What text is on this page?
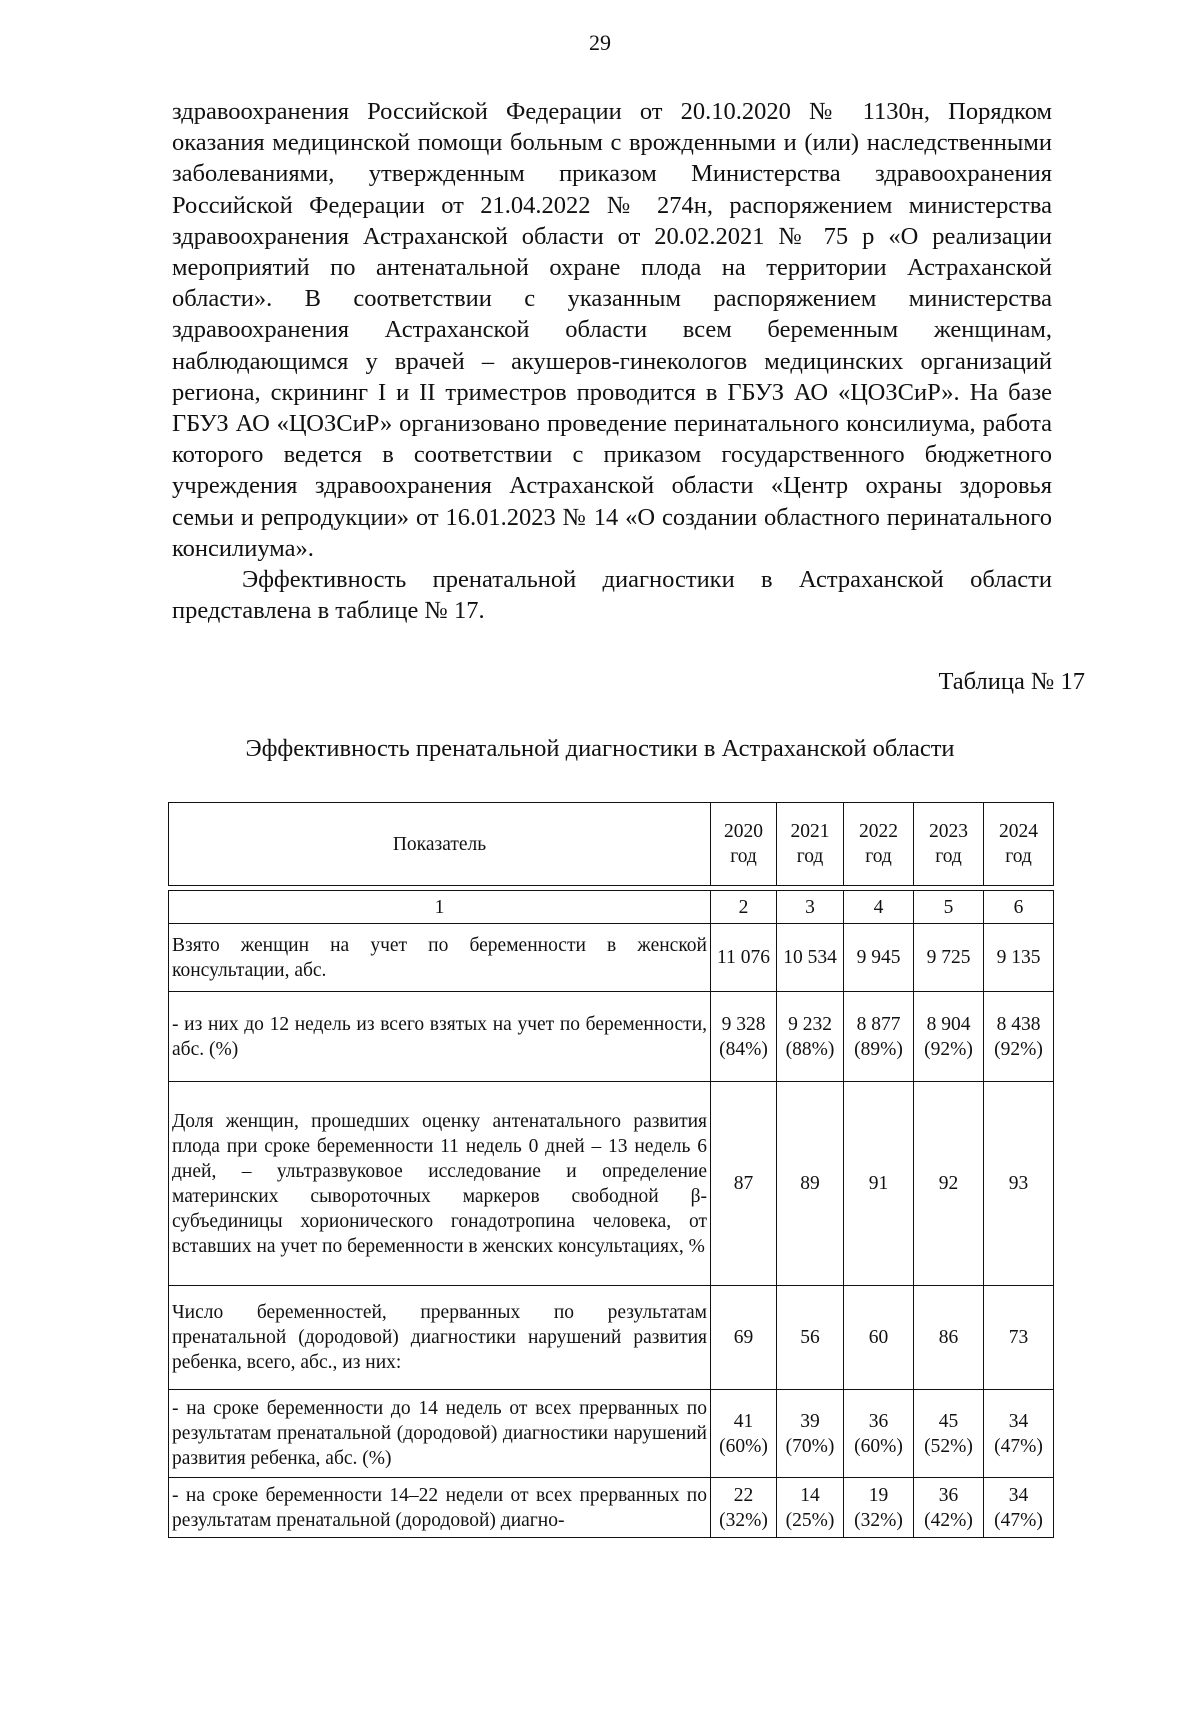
29

здравоохранения Российской Федерации от 20.10.2020 № 1130н, Порядком оказания медицинской помощи больным с врожденными и (или) наследственными заболеваниями, утвержденным приказом Министерства здравоохранения Российской Федерации от 21.04.2022 № 274н, распоряжением министерства здравоохранения Астраханской области от 20.02.2021 № 75 р «О реализации мероприятий по антенатальной охране плода на территории Астраханской области». В соответствии с указанным распоряжением министерства здравоохранения Астраханской области всем беременным женщинам, наблюдающимся у врачей – акушеров-гинекологов медицинских организаций региона, скрининг I и II триместров проводится в ГБУЗ АО «ЦОЗСиР». На базе ГБУЗ АО «ЦОЗСиР» организовано проведение перинатального консилиума, работа которого ведется в соответствии с приказом государственного бюджетного учреждения здравоохранения Астраханской области «Центр охраны здоровья семьи и репродукции» от 16.01.2023 № 14 «О создании областного перинатального консилиума».

Эффективность пренатальной диагностики в Астраханской области представлена в таблице № 17.

Таблица № 17
Эффективность пренатальной диагностики в Астраханской области
Показатель	2020 год	2021 год	2022 год	2023 год	2024 год

1	2	3	4	5	6
Взято женщин на учет по беременности в женской консультации, абс.	11 076	10 534	9 945	9 725	9 135
- из них до 12 недель из всего взятых на учет по беременности, абс. (%)	9 328 (84%)	9 232 (88%)	8 877 (89%)	8 904 (92%)	8 438 (92%)
Доля женщин, прошедших оценку антенатального развития плода при сроке беременности 11 недель 0 дней – 13 недель 6 дней, – ультразвуковое исследование и определение материнских сывороточных маркеров свободной β-субъединицы хорионического гонадотропина человека, от вставших на учет по беременности в женских консультациях, %	87	89	91	92	93
Число беременностей, прерванных по результатам пренатальной (дородовой) диагностики нарушений развития ребенка, всего, абс., из них:	69	56	60	86	73
- на сроке беременности до 14 недель от всех прерванных по результатам пренатальной (дородовой) диагностики нарушений развития ребенка, абс. (%)	41 (60%)	39 (70%)	36 (60%)	45 (52%)	34 (47%)
- на сроке беременности 14–22 недели от всех прерванных по результатам пренатальной (дородовой) диагно-	22 (32%)	14 (25%)	19 (32%)	36 (42%)	34 (47%)
